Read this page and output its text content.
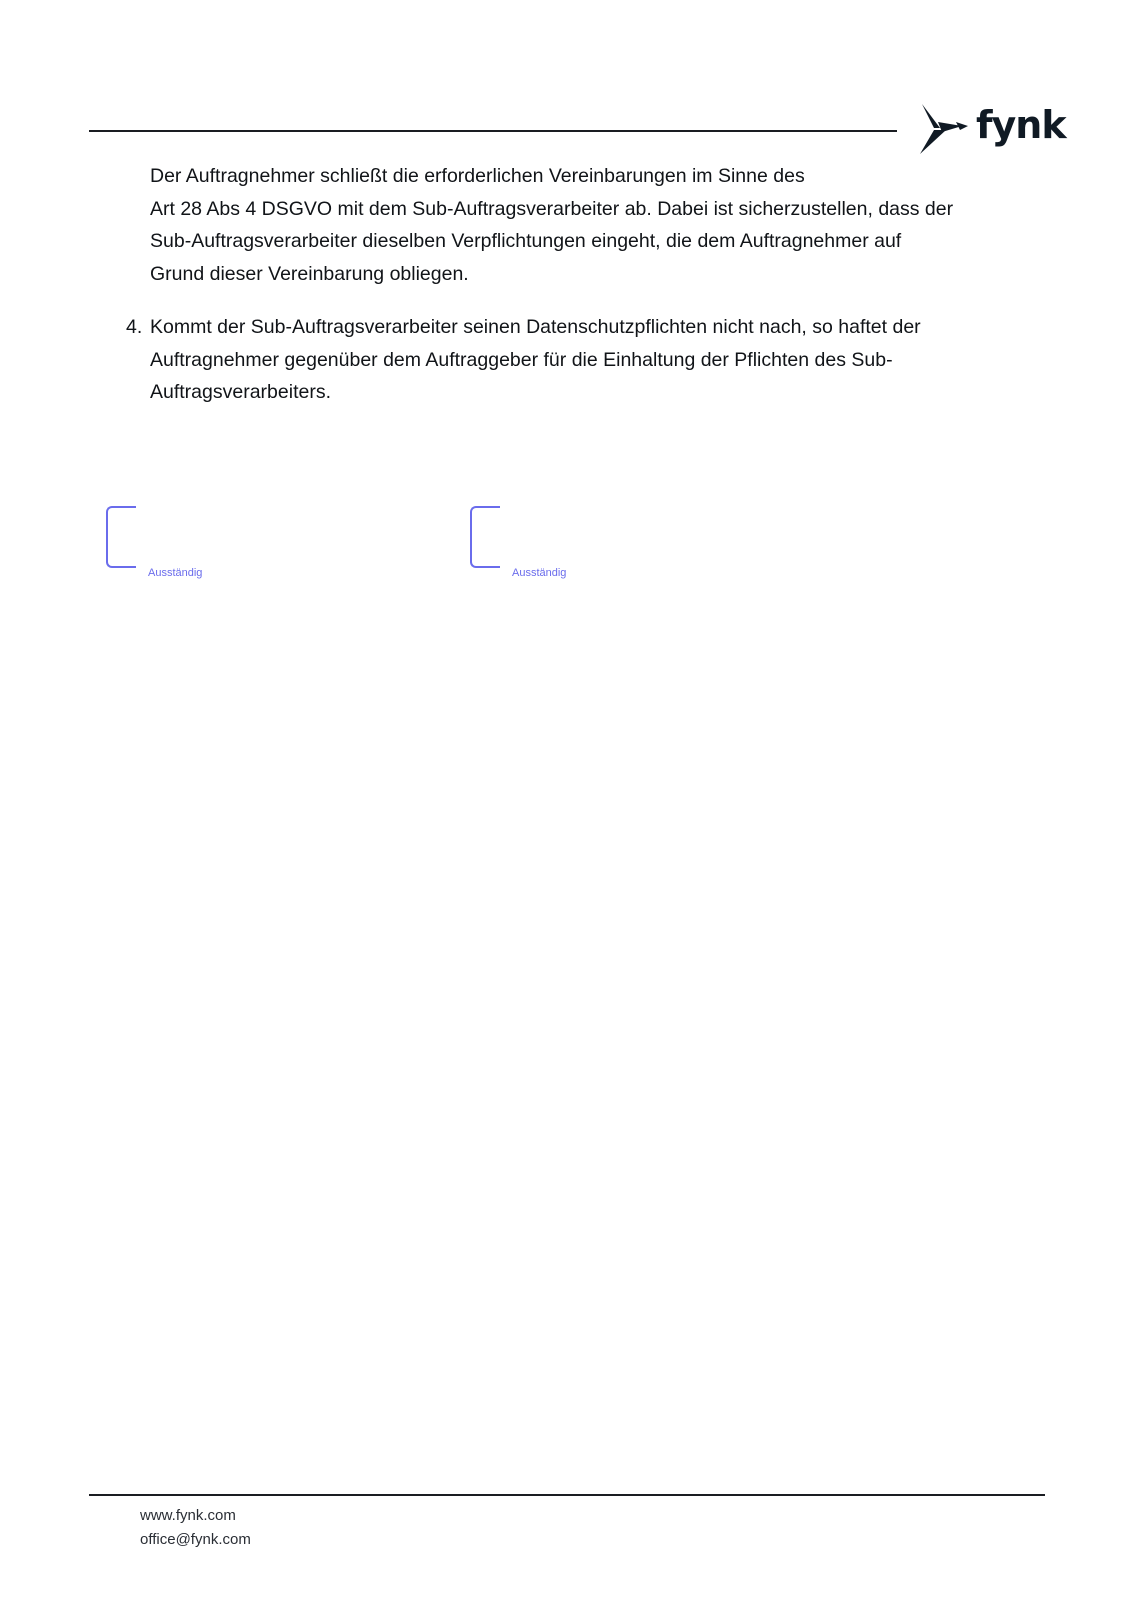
fynk
Der Auftragnehmer schließt die erforderlichen Vereinbarungen im Sinne des
Art 28 Abs 4 DSGVO mit dem Sub-Auftragsverarbeiter ab. Dabei ist sicherzustellen, dass der
Sub-Auftragsverarbeiter dieselben Verpflichtungen eingeht, die dem Auftragnehmer auf
Grund dieser Vereinbarung obliegen.
4. Kommt der Sub-Auftragsverarbeiter seinen Datenschutzpflichten nicht nach, so haftet der
Auftragnehmer gegenüber dem Auftraggeber für die Einhaltung der Pflichten des Sub-
Auftragsverarbeiters.
Ausständig	Ausständig
www.fynk.com
office@fynk.com
